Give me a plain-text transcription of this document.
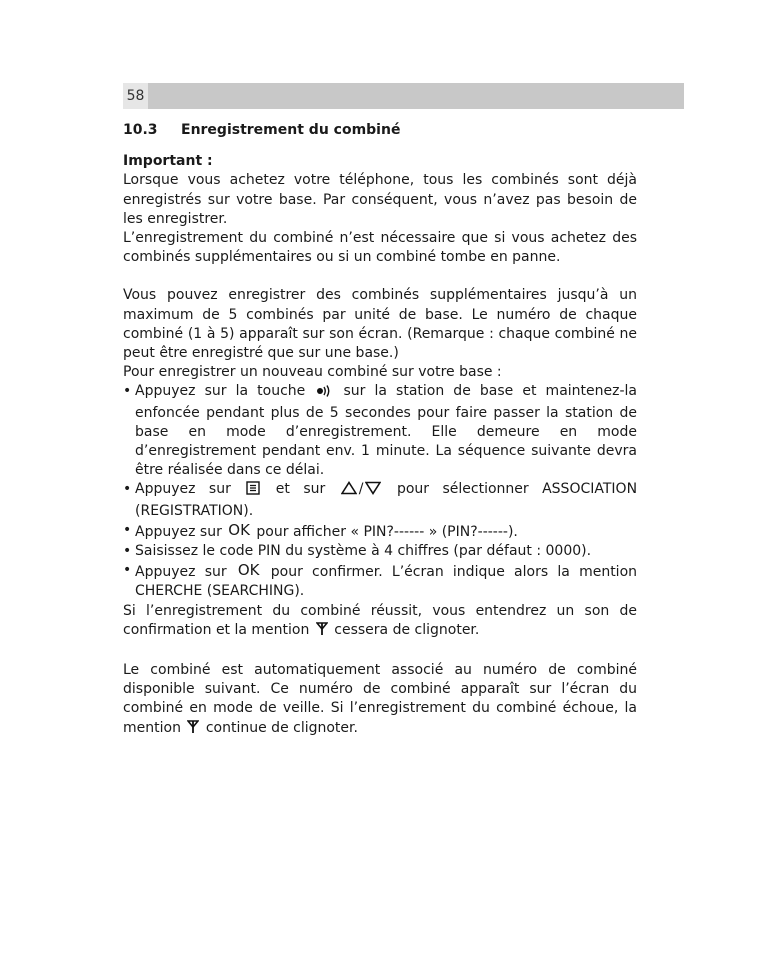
58
10.3	Enregistrement du combiné

Important :

Lorsque vous achetez votre téléphone, tous les combinés sont déjà enregistrés sur votre base. Par conséquent, vous n’avez pas besoin de les enregistrer.

L’enregistrement du combiné n’est nécessaire que si vous achetez des combinés supplémentaires ou si un combiné tombe en panne.

Vous pouvez enregistrer des combinés supplémentaires jusqu’à un maximum de 5 combinés par unité de base. Le numéro de chaque combiné (1 à 5) apparaît sur son écran. (Remarque : chaque combiné ne peut être enregistré que sur une base.)

Pour enregistrer un nouveau combiné sur votre base :

• Appuyez sur la touche	sur la station de base et maintenez-la enfoncée pendant plus de 5 secondes pour faire passer la station de base en mode d’enregistrement. Elle demeure en mode d’enregistrement pendant env. 1 minute. La séquence suivante devra être réalisée dans ce délai.
• Appuyez sur	et sur / pour sélectionner ASSOCIATION (REGISTRATION).
• Appuyez sur OK pour afficher « PIN?------ » (PIN?------).
• Saisissez le code PIN du système à 4 chiffres (par défaut : 0000).
• Appuyez sur OK pour confirmer. L’écran indique alors la mention CHERCHE (SEARCHING).

Si l’enregistrement du combiné réussit, vous entendrez un son de confirmation et la mention cessera de clignoter.

Le combiné est automatiquement associé au numéro de combiné disponible suivant. Ce numéro de combiné apparaît sur l’écran du combiné en mode de veille. Si l’enregistrement du combiné échoue, la mention continue de clignoter.
